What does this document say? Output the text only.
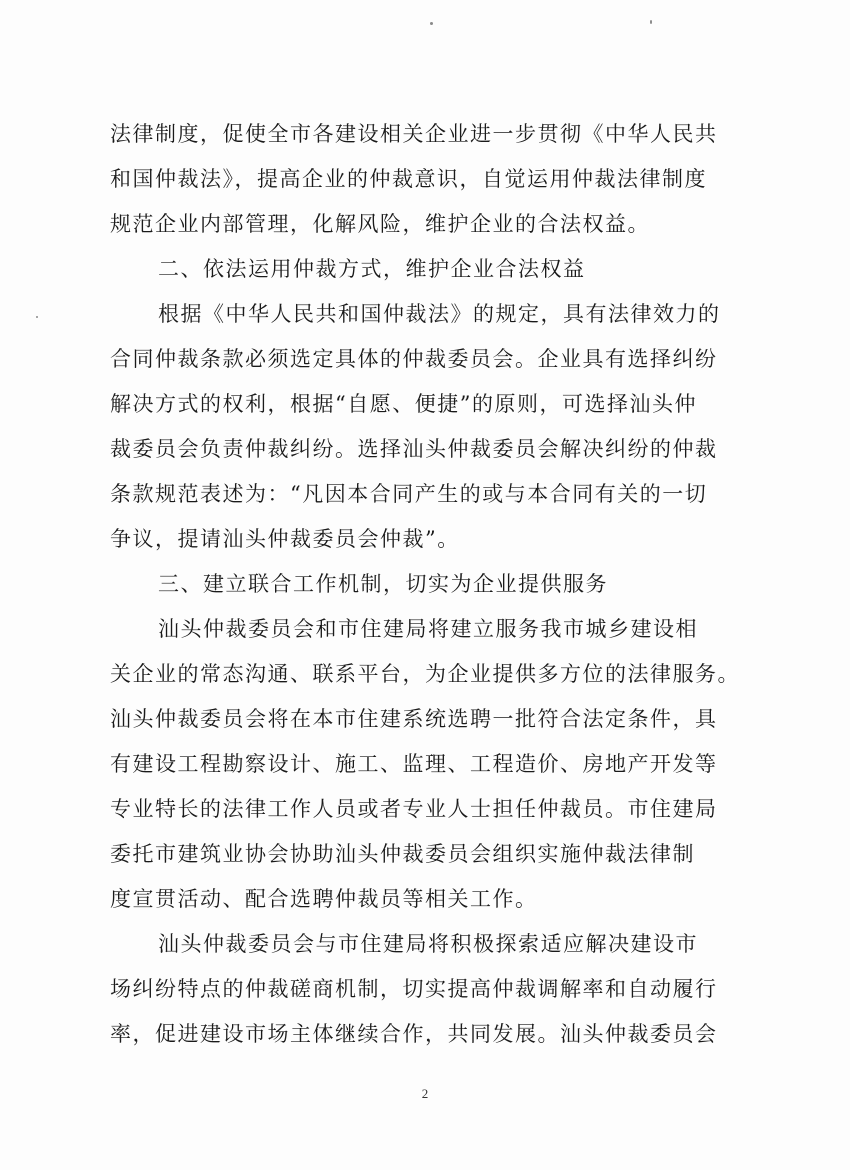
法律制度，促使全市各建设相关企业进一步贯彻《中华人民共
和国仲裁法》，提高企业的仲裁意识，自觉运用仲裁法律制度
规范企业内部管理，化解风险，维护企业的合法权益。
二、依法运用仲裁方式，维护企业合法权益
根据《中华人民共和国仲裁法》的规定，具有法律效力的
合同仲裁条款必须选定具体的仲裁委员会。企业具有选择纠纷
解决方式的权利，根据“自愿、便捷”的原则，可选择汕头仲
裁委员会负责仲裁纠纷。选择汕头仲裁委员会解决纠纷的仲裁
条款规范表述为：“凡因本合同产生的或与本合同有关的一切
争议，提请汕头仲裁委员会仲裁”。
三、建立联合工作机制，切实为企业提供服务
汕头仲裁委员会和市住建局将建立服务我市城乡建设相
关企业的常态沟通、联系平台，为企业提供多方位的法律服务。
汕头仲裁委员会将在本市住建系统选聘一批符合法定条件，具
有建设工程勘察设计、施工、监理、工程造价、房地产开发等
专业特长的法律工作人员或者专业人士担任仲裁员。市住建局
委托市建筑业协会协助汕头仲裁委员会组织实施仲裁法律制
度宣贯活动、配合选聘仲裁员等相关工作。
汕头仲裁委员会与市住建局将积极探索适应解决建设市
场纠纷特点的仲裁磋商机制，切实提高仲裁调解率和自动履行
率，促进建设市场主体继续合作，共同发展。汕头仲裁委员会
2
